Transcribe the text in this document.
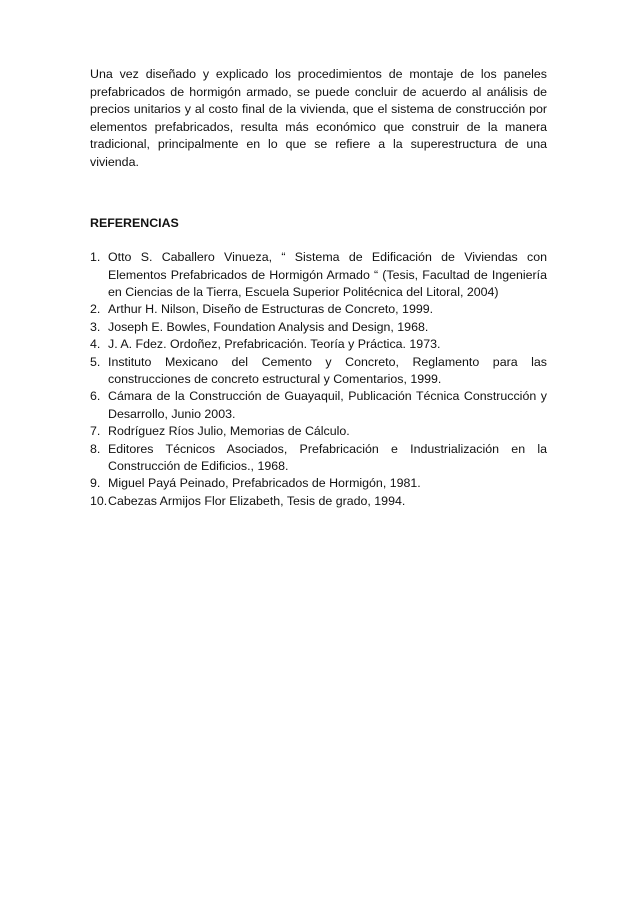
Una vez diseñado y explicado los procedimientos de montaje de los paneles prefabricados de hormigón armado, se puede concluir de acuerdo al análisis de precios unitarios y al costo final de la vivienda, que el sistema de construcción por elementos prefabricados, resulta más económico que construir de la manera tradicional, principalmente en lo que se refiere a la superestructura de una vivienda.

REFERENCIAS
1. Otto S. Caballero Vinueza, “ Sistema de Edificación de Viviendas con Elementos Prefabricados de Hormigón Armado “ (Tesis, Facultad de Ingeniería en Ciencias de la Tierra, Escuela Superior Politécnica del Litoral, 2004)
2. Arthur H. Nilson, Diseño de Estructuras de Concreto, 1999.
3. Joseph E. Bowles, Foundation Analysis and Design, 1968.
4. J. A. Fdez. Ordoñez, Prefabricación. Teoría y Práctica. 1973.
5. Instituto Mexicano del Cemento y Concreto, Reglamento para las construcciones de concreto estructural y Comentarios, 1999.
6. Cámara de la Construcción de Guayaquil, Publicación Técnica Construcción y Desarrollo, Junio 2003.
7. Rodríguez Ríos Julio, Memorias de Cálculo.
8. Editores Técnicos Asociados, Prefabricación e Industrialización en la Construcción de Edificios., 1968.
9. Miguel Payá Peinado, Prefabricados de Hormigón, 1981.
10. Cabezas Armijos Flor Elizabeth, Tesis de grado, 1994.
